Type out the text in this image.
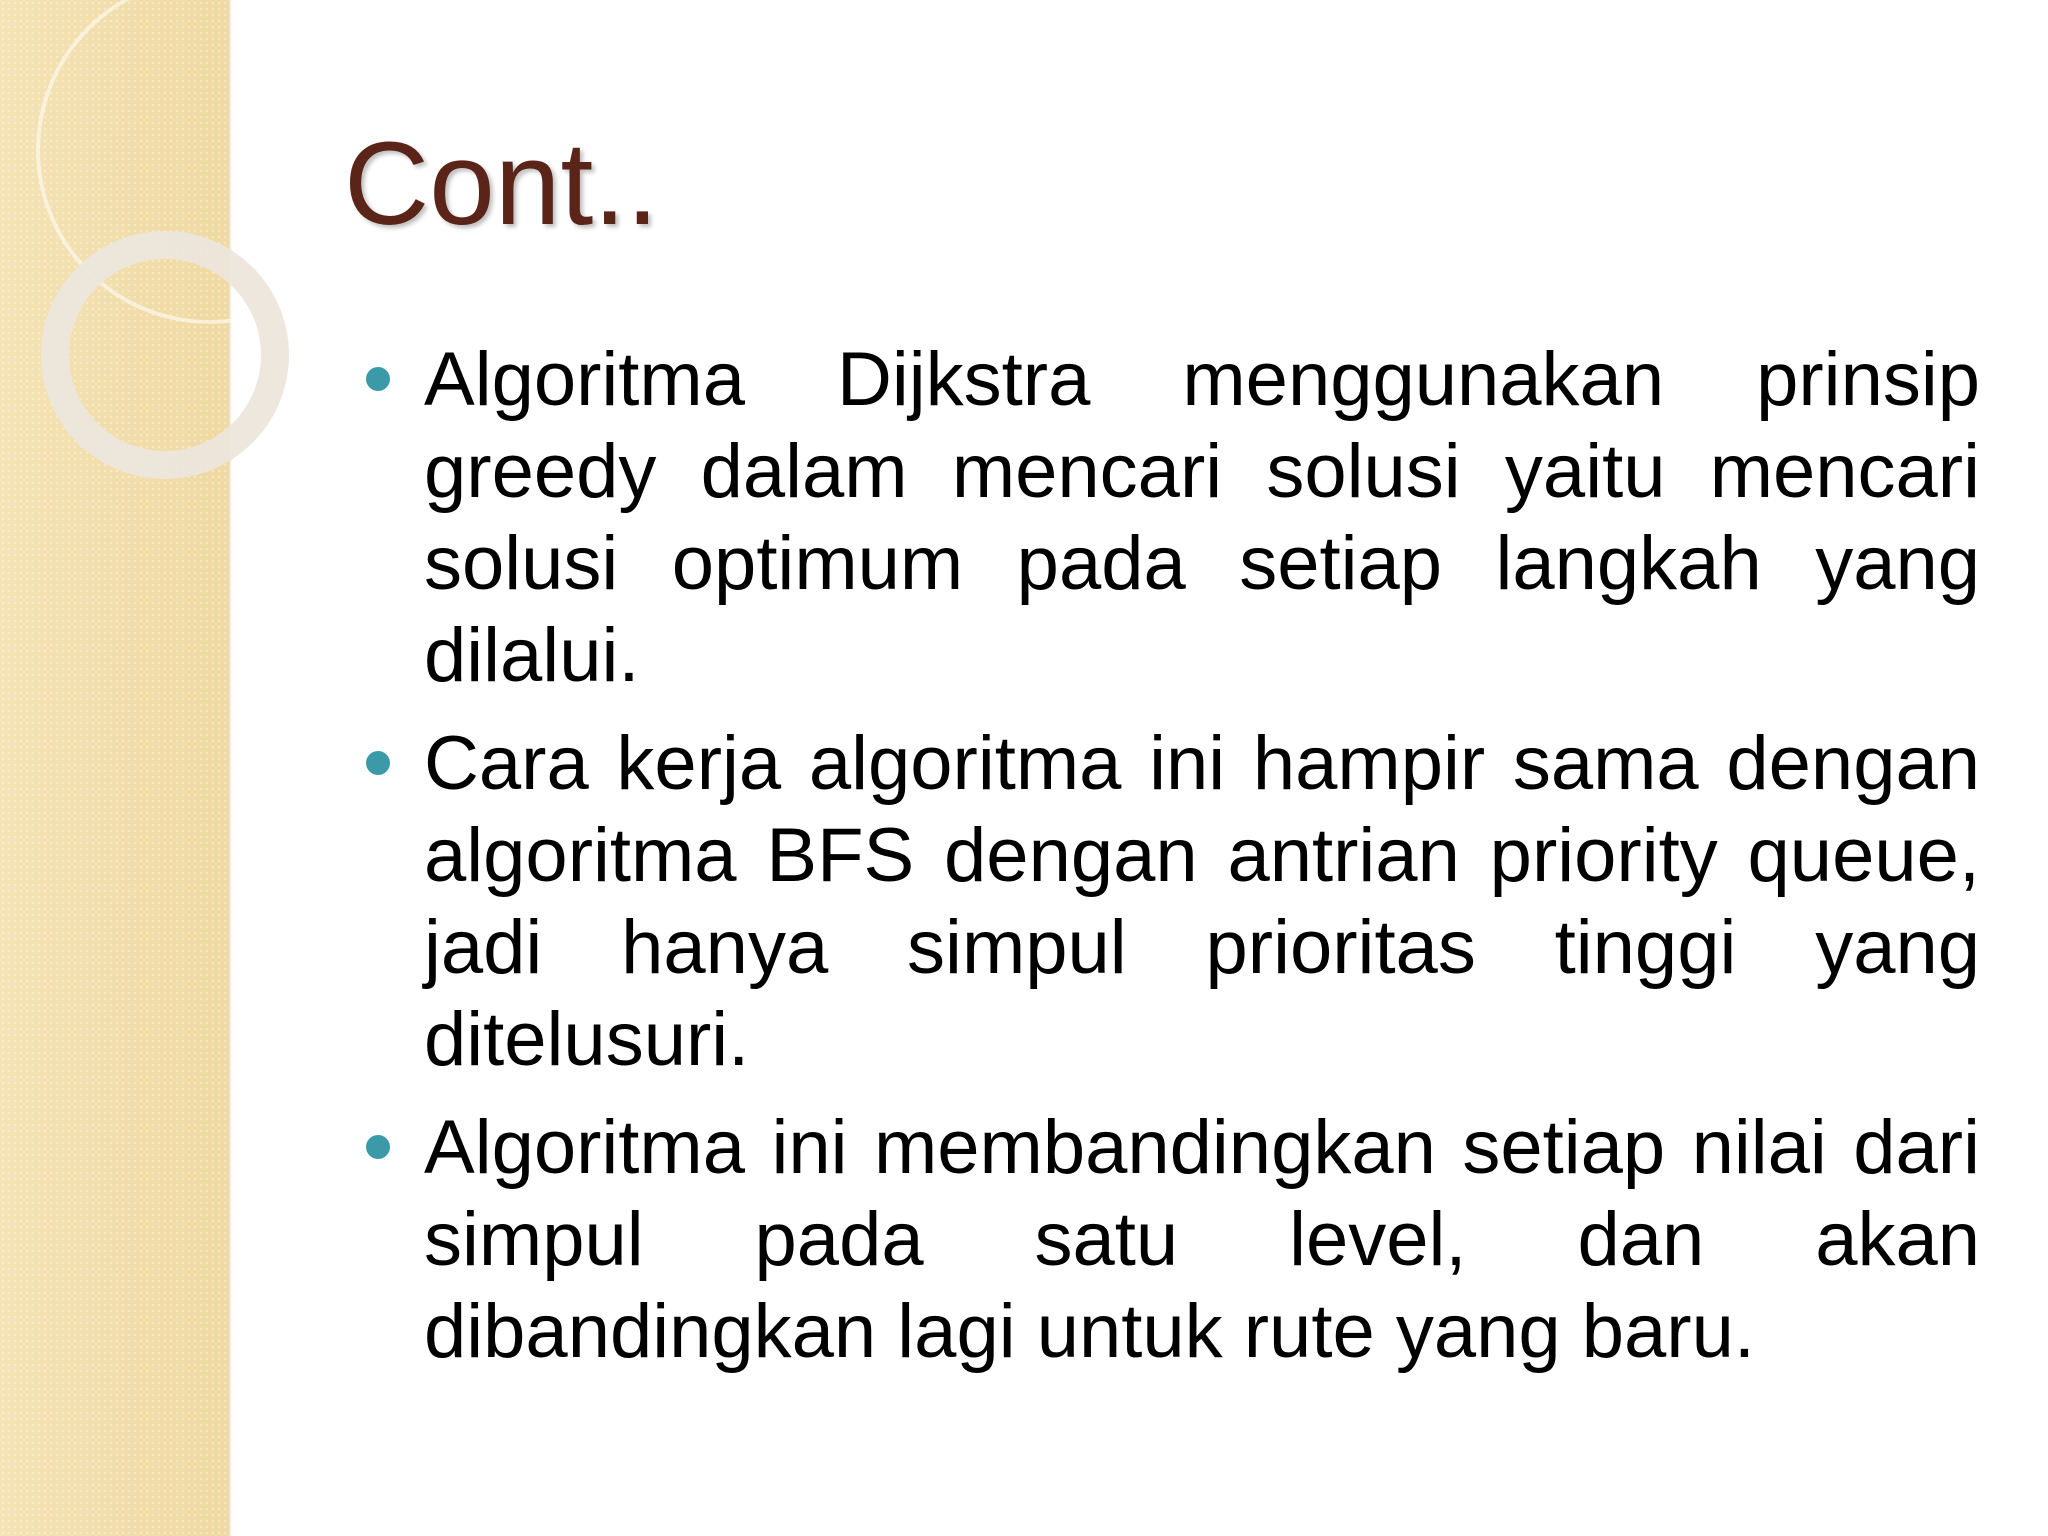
Cont..
Algoritma Dijkstra menggunakan prinsip greedy dalam mencari solusi yaitu mencari solusi optimum pada setiap langkah yang dilalui.
Cara kerja algoritma ini hampir sama dengan algoritma BFS dengan antrian priority queue, jadi hanya simpul prioritas tinggi yang ditelusuri.
Algoritma ini membandingkan setiap nilai dari simpul pada satu level, dan akan dibandingkan lagi untuk rute yang baru.
